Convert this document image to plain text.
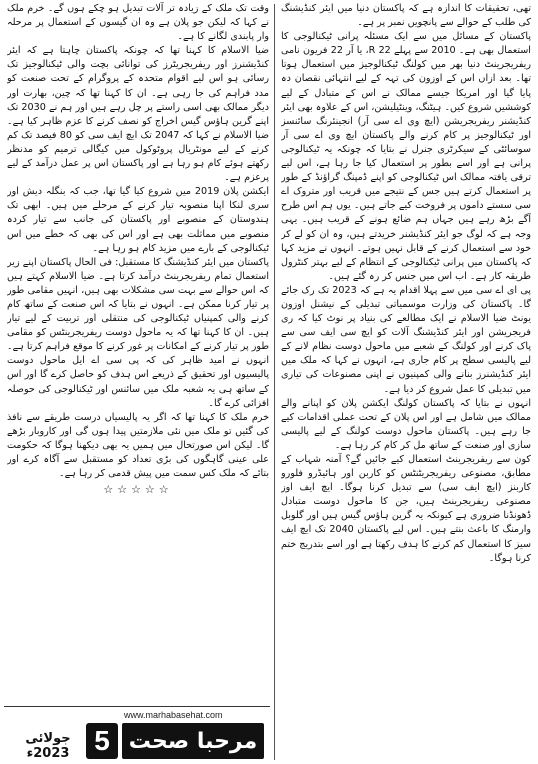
تھی، تحقیقات کا اندازہ ہے کہ پاکستان دنیا میں ایئر کنڈیشنگ کی طلب کے حوالے سے پانچویں نمبر پر ہے۔

پاکستان کے مسائل میں سے ایک مسئلہ پرانی ٹیکنالوجی کا استعمال بھی ہے۔ 2010 سے پہلے 22 R، یا آر 22 فریون نامی ریفریجرینٹ دنیا بھر میں کولنگ ٹیکنالوجیز میں استعمال ہوتا تھا۔ بعد ازاں اس کے اوزون کی تہہ کے لیے انتہائی نقصان دہ پایا گیا اور امریکا جیسے ممالک نے اس کے متبادل کے لیے کوششیں شروع کیں۔ ہیٹنگ، وینٹیلیشن، اس کے علاوہ بھی ایئر کنڈیشنر ریفریجریشن (ایچ وی اے سی آر) انجینئرنگ سائنسز اور ٹیکنالوجیز پر کام کرنے والے پاکستان ایچ وی اے سی آر سوسائٹی کے سیکرٹری جنرل نے بتایا کہ چونکہ یہ ٹیکنالوجی پرانی ہے اور اسے بطور پر استعمال کیا جا رہا ہے، اس لیے ترقی یافتہ ممالک اس ٹیکنالوجی کو اپنے ڈمپنگ گراؤنڈ کے طور پر استعمال کرتے ہیں جس کے نتیجے میں قریب اور متروک اے سی سستے داموں پر فروخت کیے جاتے ہیں۔ یوں ہم اس طرح آگے بڑھ رہے ہیں جہاں ہم ضائع ہونے کے قریب ہیں۔ یہی وجہ ہے کہ لوگ جو ایئر کنڈیشنر خریدتے ہیں، وہ ان کو لے کر خود سے استعمال کرنے کے قابل نہیں ہوتے۔ انہوں نے مزید کہا کہ پاکستان میں پرانی ٹیکنالوجی کے انتظام کے لیے بہتر کنٹرول طریقہ کار ہے۔ اب اس میں جنس کر رہ گئے ہیں۔

پی ای اے سی میں سے پہلا اقدام یہ ہے کہ 2023 تک رک جائے گا۔ پاکستان کی وزارت موسمیاتی تبدیلی کے نیشنل اوزون یونٹ ضیا الاسلام نے ایک مطالعے کی بنیاد پر نوٹ کیا کہ ری فریجریشن اور ایئر کنڈیشنگ آلات کو ایچ سی ایف سی سے پاک کرنے اور کولنگ کے شعبے میں ماحول دوست نظام لانے کے لیے پالیسی سطح پر کام جاری ہے، انہوں نے کہا کہ ملک میں ایئر کنڈیشنرز بنانے والی کمپنیوں نے اپنی مصنوعات کی تیاری میں تبدیلی کا عمل شروع کر دیا ہے۔

انہوں نے بتایا کہ پاکستان کولنگ ایکشن پلان کو اپنانے والے ممالک میں شامل ہے اور اس پلان کے تحت عملی اقدامات کیے جا رہے ہیں۔ پاکستان ماحول دوست کولنگ کے لیے پالیسی سازی اور صنعت کے ساتھ مل کر کام کر رہا ہے۔

کون سے ریفریجرینٹ استعمال کیے جائیں گے؟ آمنہ شہاب کے مطابق، مصنوعی ریفریجریٹنٹس کو کاربن اور ہائیڈرو فلورو کاربنز (ایچ ایف سی) سے تبدیل کرنا ہوگا۔ ایچ ایف اوز مصنوعی ریفریجرینٹ ہیں، جن کا ماحول دوست متبادل ڈھونڈنا ضروری ہے کیونکہ یہ گرین ہاؤس گیس ہیں اور گلوبل وارمنگ کا باعث بنتے ہیں۔ اس لیے پاکستان 2040 تک ایچ ایف سیز کا استعمال کم کرنے کا ہدف رکھتا ہے اور اسے بتدریج ختم کرنا ہوگا۔

وقت تک ملک کے زیادہ تر آلات تبدیل ہو چکے ہوں گے۔ خرم ملک نے کہا کہ لیکن جو پلان ہے وہ ان گیسوں کے استعمال پر مرحلہ وار پابندی لگانے کا ہے۔

ضیا الاسلام کا کہنا تھا کہ چونکہ پاکستان چاہتا ہے کہ ایئر کنڈیشنرز اور ریفریجریٹرز کی توانائی بچت والی ٹیکنالوجیز تک رسائی ہو اس لیے اقوام متحدہ کے پروگرام کے تحت صنعت کو مدد فراہم کی جا رہی ہے۔ ان کا کہنا تھا کہ چین، بھارت اور دیگر ممالک بھی اسی راستے پر چل رہے ہیں اور ہم نے 2030 تک اپنے گرین ہاؤس گیس اخراج کو نصف کرنے کا عزم ظاہر کیا ہے۔ ضیا الاسلام نے کہا کہ 2047 تک ایچ ایف سی کو 80 فیصد تک کم کرنے کے لیے مونٹریال پروٹوکول میں کیگالی ترمیم کو مدنظر رکھتے ہوئے کام ہو رہا ہے اور پاکستان اس پر عمل درآمد کے لیے پرعزم ہے۔

ایکشن پلان 2019 میں شروع کیا گیا تھا، جب کہ بنگلہ دیش اور سری لنکا اپنا منصوبہ تیار کرنے کے مرحلے میں ہیں۔ ابھی تک ہندوستان کے منصوبے اور پاکستان کی جانب سے تیار کردہ منصوبے میں مماثلت بھی ہے اور اس کی بھی کہ خطے میں اس ٹیکنالوجی کے بارے میں مزید کام ہو رہا ہے۔

پاکستان میں ایئر کنڈیشنگ کا مستقبل: فی الحال پاکستان اپنے زیر استعمال تمام ریفریجرینٹ درآمد کرتا ہے۔ ضیا الاسلام کہتے ہیں کہ اس حوالے سے بہت سی مشکلات بھی ہیں، انہیں مقامی طور پر تیار کرنا ممکن ہے۔ انہوں نے بتایا کہ اس صنعت کے ساتھ کام کرنے والی کمپنیاں ٹیکنالوجی کی منتقلی اور تربیت کے لیے تیار ہیں۔ ان کا کہنا تھا کہ یہ ماحول دوست ریفریجرینٹس کو مقامی طور پر تیار کرنے کے امکانات پر غور کرنے کا موقع فراہم کرتا ہے۔ انہوں نے امید ظاہر کی کہ پی سی اے ایل ماحول دوست پالیسیوں اور تحقیق کے ذریعے اس ہدف کو حاصل کرے گا اور اس کے ساتھ ہی یہ شعبہ ملک میں سائنس اور ٹیکنالوجی کی حوصلہ افزائی کرے گا۔

خرم ملک کا کہنا تھا کہ اگر یہ پالیسیاں درست طریقے سے نافذ کی گئیں تو ملک میں نئی ملازمتیں پیدا ہوں گی اور کاروبار بڑھے گا۔ لیکن اس صورتحال میں ہمیں یہ بھی دیکھنا ہوگا کہ حکومت علی عینی گاہگوں کی بڑی تعداد کو مستقبل سے آگاہ کرے اور بتائے کہ ملک کس سمت میں پیش قدمی کر رہا ہے۔

☆☆☆☆☆
www.marhabasehat.com
مرحبا صحت
5
جولائی 2023ء
